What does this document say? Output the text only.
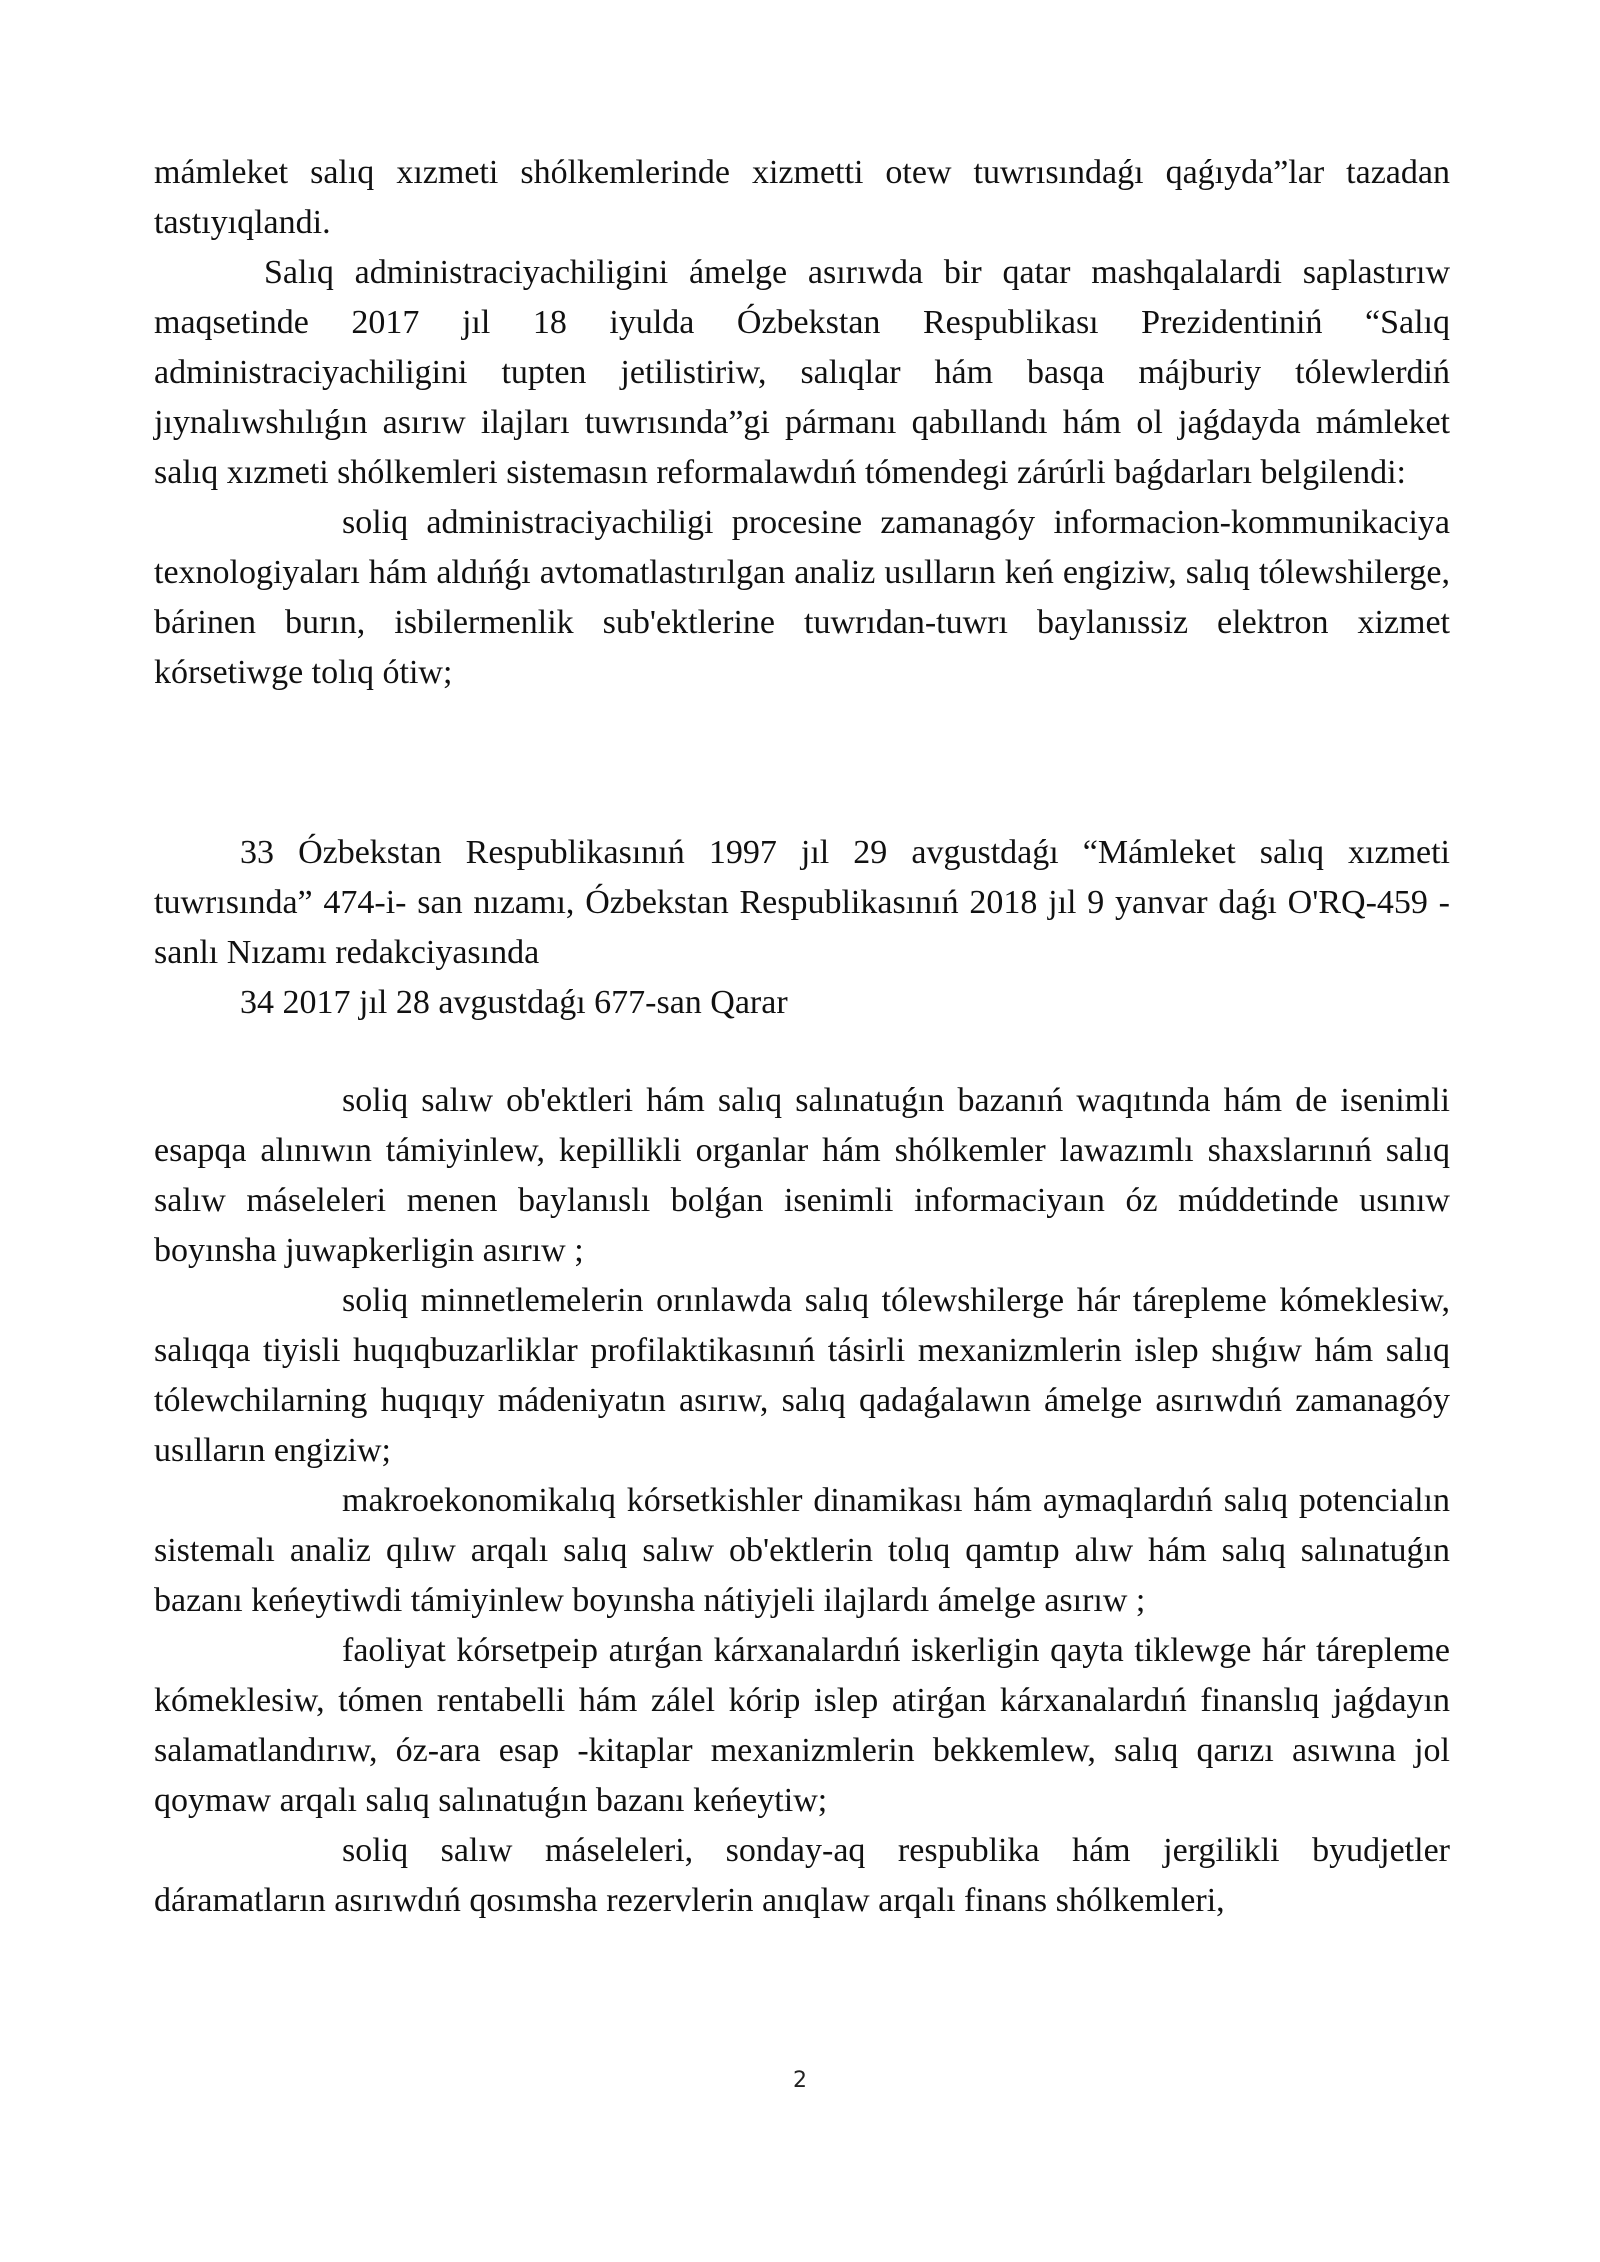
mámleket salıq xızmeti shólkemlerinde xizmetti otew tuwrısındaǵı qaǵıyda”lar tazadan tastıyıqlandi.

Salıq administraciyachiligini ámelge asırıwda bir qatar mashqalalardi saplastırıw maqsetinde 2017 jıl 18 iyulda Ózbekstan Respublikası Prezidentiniń “Salıq administraciyachiligini tupten jetilistiriw, salıqlar hám basqa májburiy tólewlerdiń jıynalıwshılıǵın asırıw ilajları tuwrısında”gi pármanı qabıllandı hám ol jaǵdayda mámleket salıq xızmeti shólkemleri sistemasın reformalawdıń tómendegi zárúrli baǵdarları belgilendi:

soliq administraciyachiligi procesine zamanagóy informacion-kommunikaciya texnologiyaları hám aldıńǵı avtomatlastırılgan analiz usılların keń engiziw, salıq tólewshilerge, bárinen burın, isbilermenlik sub'ektlerine tuwrıdan-tuwrı baylanıssiz elektron xizmet kórsetiwge tolıq ótiw;

33 Ózbekstan Respublikasınıń 1997 jıl 29 avgustdaǵı “Mámleket salıq xızmeti tuwrısında” 474-i- san nızamı, Ózbekstan Respublikasınıń 2018 jıl 9 yanvar daǵı O'RQ-459 - sanlı Nızamı redakciyasında

34 2017 jıl 28 avgustdaǵı 677-san Qarar

soliq salıw ob'ektleri hám salıq salınatuǵın bazanıń waqıtında hám de isenimli esapqa alınıwın támiyinlew, kepillikli organlar hám shólkemler lawazımlı shaxslarınıń salıq salıw máseleleri menen baylanıslı bolǵan isenimli informaciyaın óz múddetinde usınıw boyınsha juwapkerligin asırıw ;

soliq minnetlemelerin orınlawda salıq tólewshilerge hár tárepleme kómeklesiw, salıqqa tiyisli huqıqbuzarliklar profilaktikasınıń tásirli mexanizmlerin islep shıǵıw hám salıq tólewchilarning huqıqıy mádeniyatın asırıw, salıq qadaǵalawın ámelge asırıwdıń zamanagóy usılların engiziw;

makroekonomikalıq kórsetkishler dinamikası hám aymaqlardıń salıq potencialın sistemalı analiz qılıw arqalı salıq salıw ob'ektlerin tolıq qamtıp alıw hám salıq salınatuǵın bazanı keńeytiwdi támiyinlew boyınsha nátiyjeli ilajlardı ámelge asırıw ;

faoliyat kórsetpeip atırǵan kárxanalardıń iskerligin qayta tiklewge hár tárepleme kómeklesiw, tómen rentabelli hám zálel kórip islep atirǵan kárxanalardıń finanslıq jaǵdayın salamatlandırıw, óz-ara esap -kitaplar mexanizmlerin bekkemlew, salıq qarızı asıwına jol qoymaw arqalı salıq salınatuǵın bazanı keńeytiw;

soliq salıw máseleleri, sonday-aq respublika hám jergilikli byudjetler dáramatların asırıwdıń qosımsha rezervlerin anıqlaw arqalı finans shólkemleri,

2
